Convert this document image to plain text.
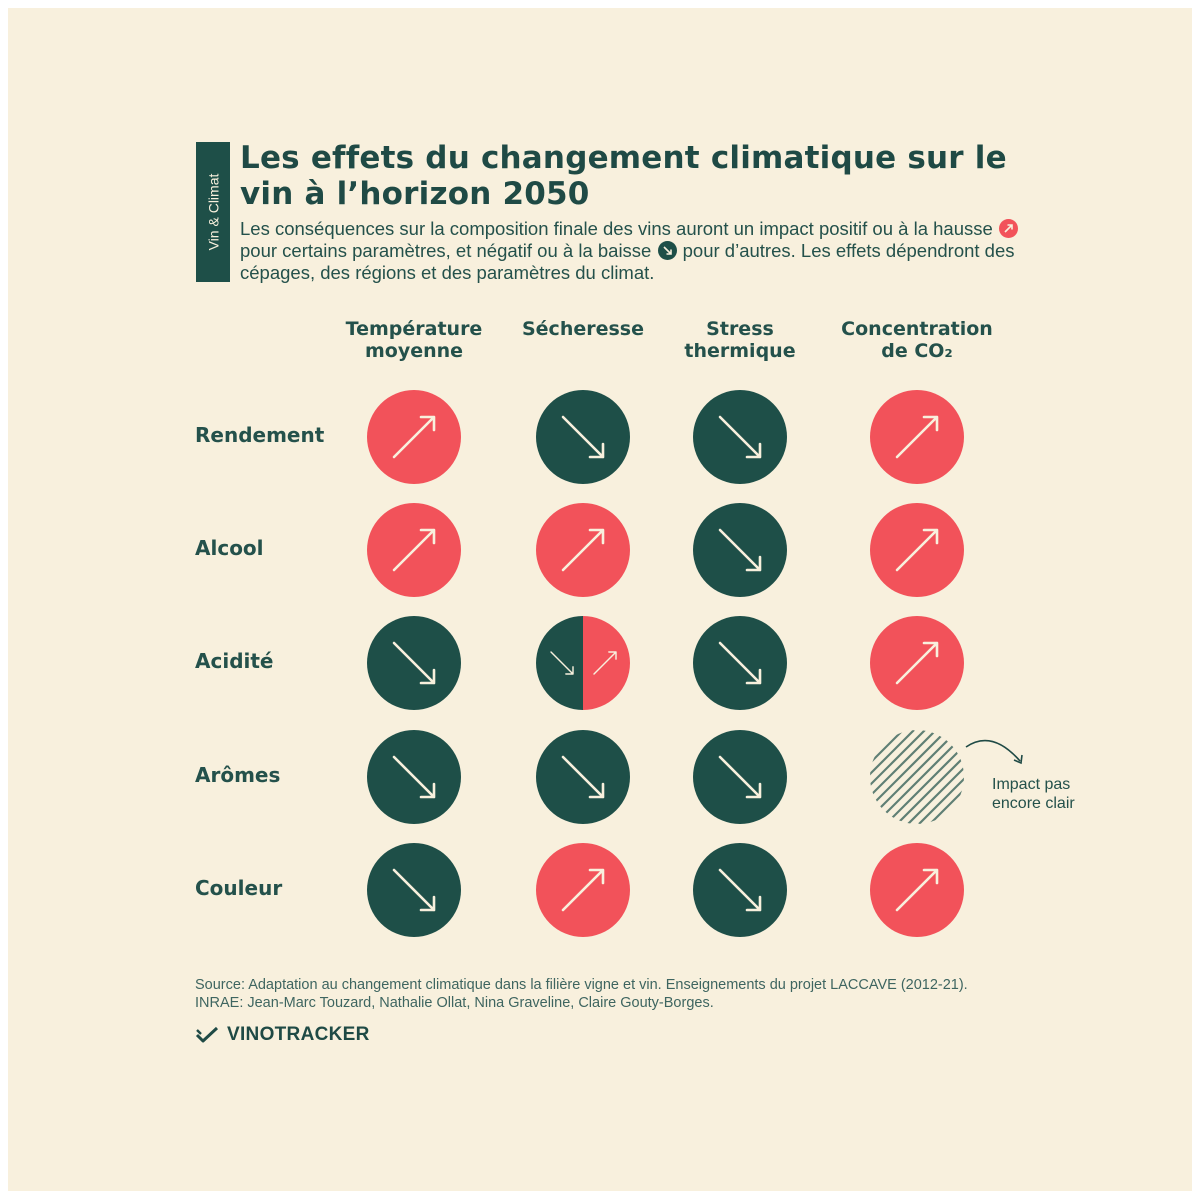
Vin & Climat
Les effets du changement climatique sur le vin à l’horizon 2050

Les conséquences sur la composition finale des vins auront un impact positif ou à la hausse
pour certains paramètres, et négatif ou à la baisse pour d’autres. Les effets dépendront des cépages, des régions et des paramètres du climat.

Température
moyenne
Sécheresse	Stress
thermique
Concentration
de CO₂
Rendement
Alcool
Acidité
Arômes
Couleur
Impact pas encore clair
Source: Adaptation au changement climatique dans la filière vigne et vin. Enseignements du projet LACCAVE (2012-21). INRAE: Jean-Marc Touzard, Nathalie Ollat, Nina Graveline, Claire Gouty-Borges.
VINOTRACKER
